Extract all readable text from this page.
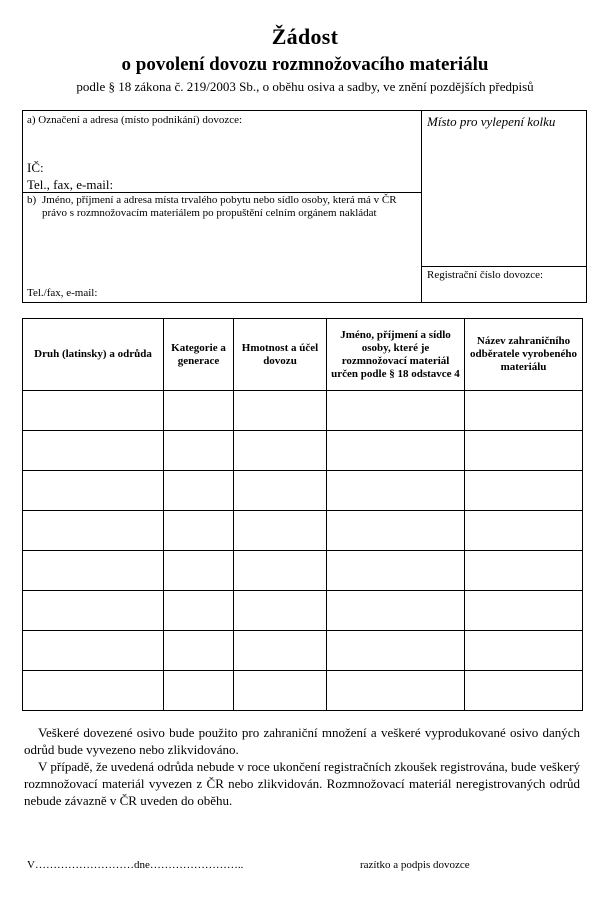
Žádost
o povolení dovozu rozmnožovacího materiálu
podle § 18 zákona č. 219/2003 Sb., o oběhu osiva a sadby, ve znění pozdějších předpisů
a) Označení a adresa (místo podnikání) dovozce:
IČ:
Tel., fax, e-mail:
b) Jméno, příjmení a adresa místa trvalého pobytu nebo sídlo osoby, která má v ČR právo s rozmnožovacím materiálem po propuštění celním orgánem nakládat
Tel./fax, e-mail:
Místo pro vylepení kolku
Registrační číslo dovozce:
Druh (latinsky) a odrůda	Kategorie a generace	Hmotnost a účel dovozu	Jméno, příjmení a sídlo osoby, které je rozmnožovací materiál určen podle § 18 odstavce 4	Název zahraničního odběratele vyrobeného materiálu

Veškeré dovezené osivo bude použito pro zahraniční množení a veškeré vyprodukované osivo daných odrůd bude vyvezeno nebo zlikvidováno.
V případě, že uvedená odrůda nebude v roce ukončení registračních zkoušek registrována, bude veškerý rozmnožovací materiál vyvezen z ČR nebo zlikvidován. Rozmnožovací materiál neregistrovaných odrůd nebude závazně v ČR uveden do oběhu.
V………………………dne……………………..	razítko a podpis dovozce
